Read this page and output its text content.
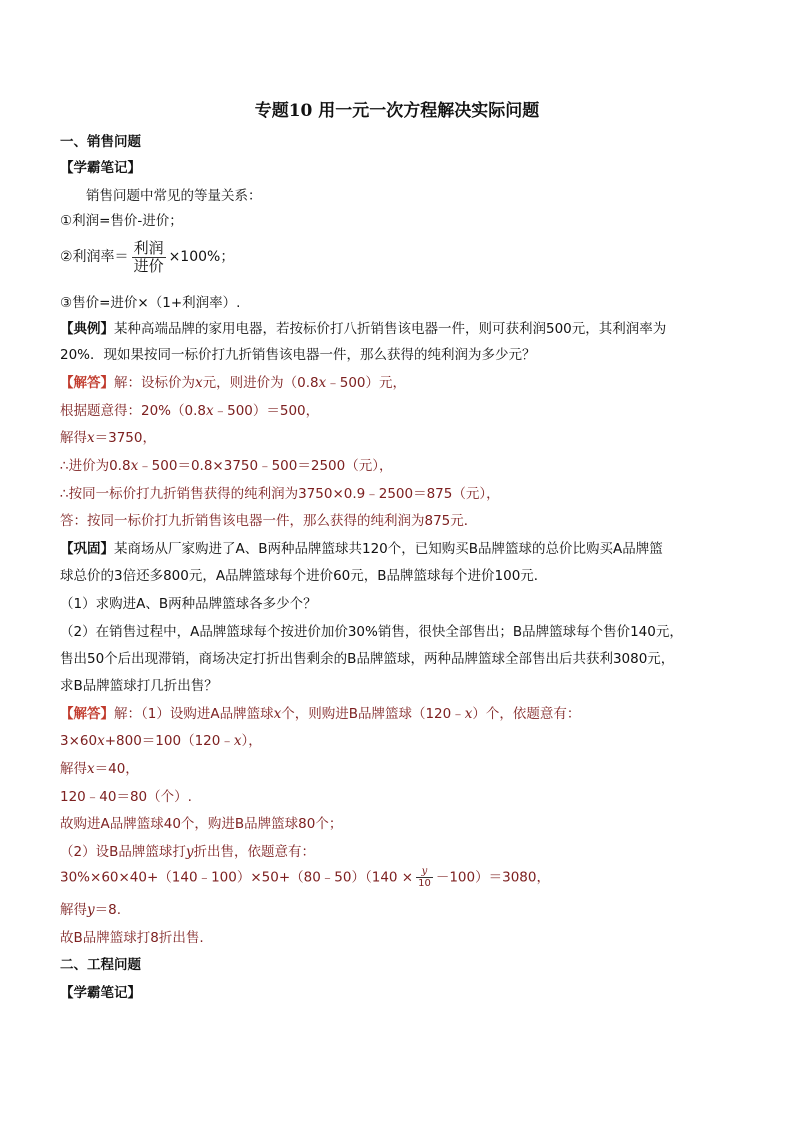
专题10 用一元一次方程解决实际问题
一、销售问题
【学霸笔记】
销售问题中常见的等量关系：
①利润=售价-进价；
②利润率＝ $\frac{\text{利润}}{\text{进价}} \times 100\%$；
③售价=进价×（1+利润率）.
【典例】某种高端品牌的家用电器，若按标价打八折销售该电器一件，则可获利润500元，其利润率为
20%．现如果按同一标价打九折销售该电器一件，那么获得的纯利润为多少元？
【解答】解：设标价为x元，则进价为（0.8x﹣500）元，
根据题意得：20%（0.8x﹣500）＝500，
解得x＝3750，
∴进价为0.8x﹣500＝0.8×3750﹣500＝2500（元），
∴按同一标价打九折销售获得的纯利润为3750×0.9﹣2500＝875（元），
答：按同一标价打九折销售该电器一件，那么获得的纯利润为875元．
【巩固】某商场从厂家购进了A、B两种品牌篮球共120个，已知购买B品牌篮球的总价比购买A品牌篮
球总价的3倍还多800元，A品牌篮球每个进价60元，B品牌篮球每个进价100元．
（1）求购进A、B两种品牌篮球各多少个？
（2）在销售过程中，A品牌篮球每个按进价加价30%销售，很快全部售出；B品牌篮球每个售价140元，
售出50个后出现滞销，商场决定打折出售剩余的B品牌篮球，两种品牌篮球全部售出后共获利3080元，
求B品牌篮球打几折出售？
【解答】解：（1）设购进A品牌篮球x个，则购进B品牌篮球（120﹣x）个，依题意有：
3×60x+800＝100（120﹣x），
解得x＝40，
120﹣40＝80（个）.
故购进A品牌篮球40个，购进B品牌篮球80个；
（2）设B品牌篮球打y折出售，依题意有：
30%×60×40+（140﹣100）×50+（80﹣50）（140 × $\frac{y}{10} -100)=3080$，
解得y＝8.
故B品牌篮球打8折出售.
二、工程问题
【学霸笔记】
